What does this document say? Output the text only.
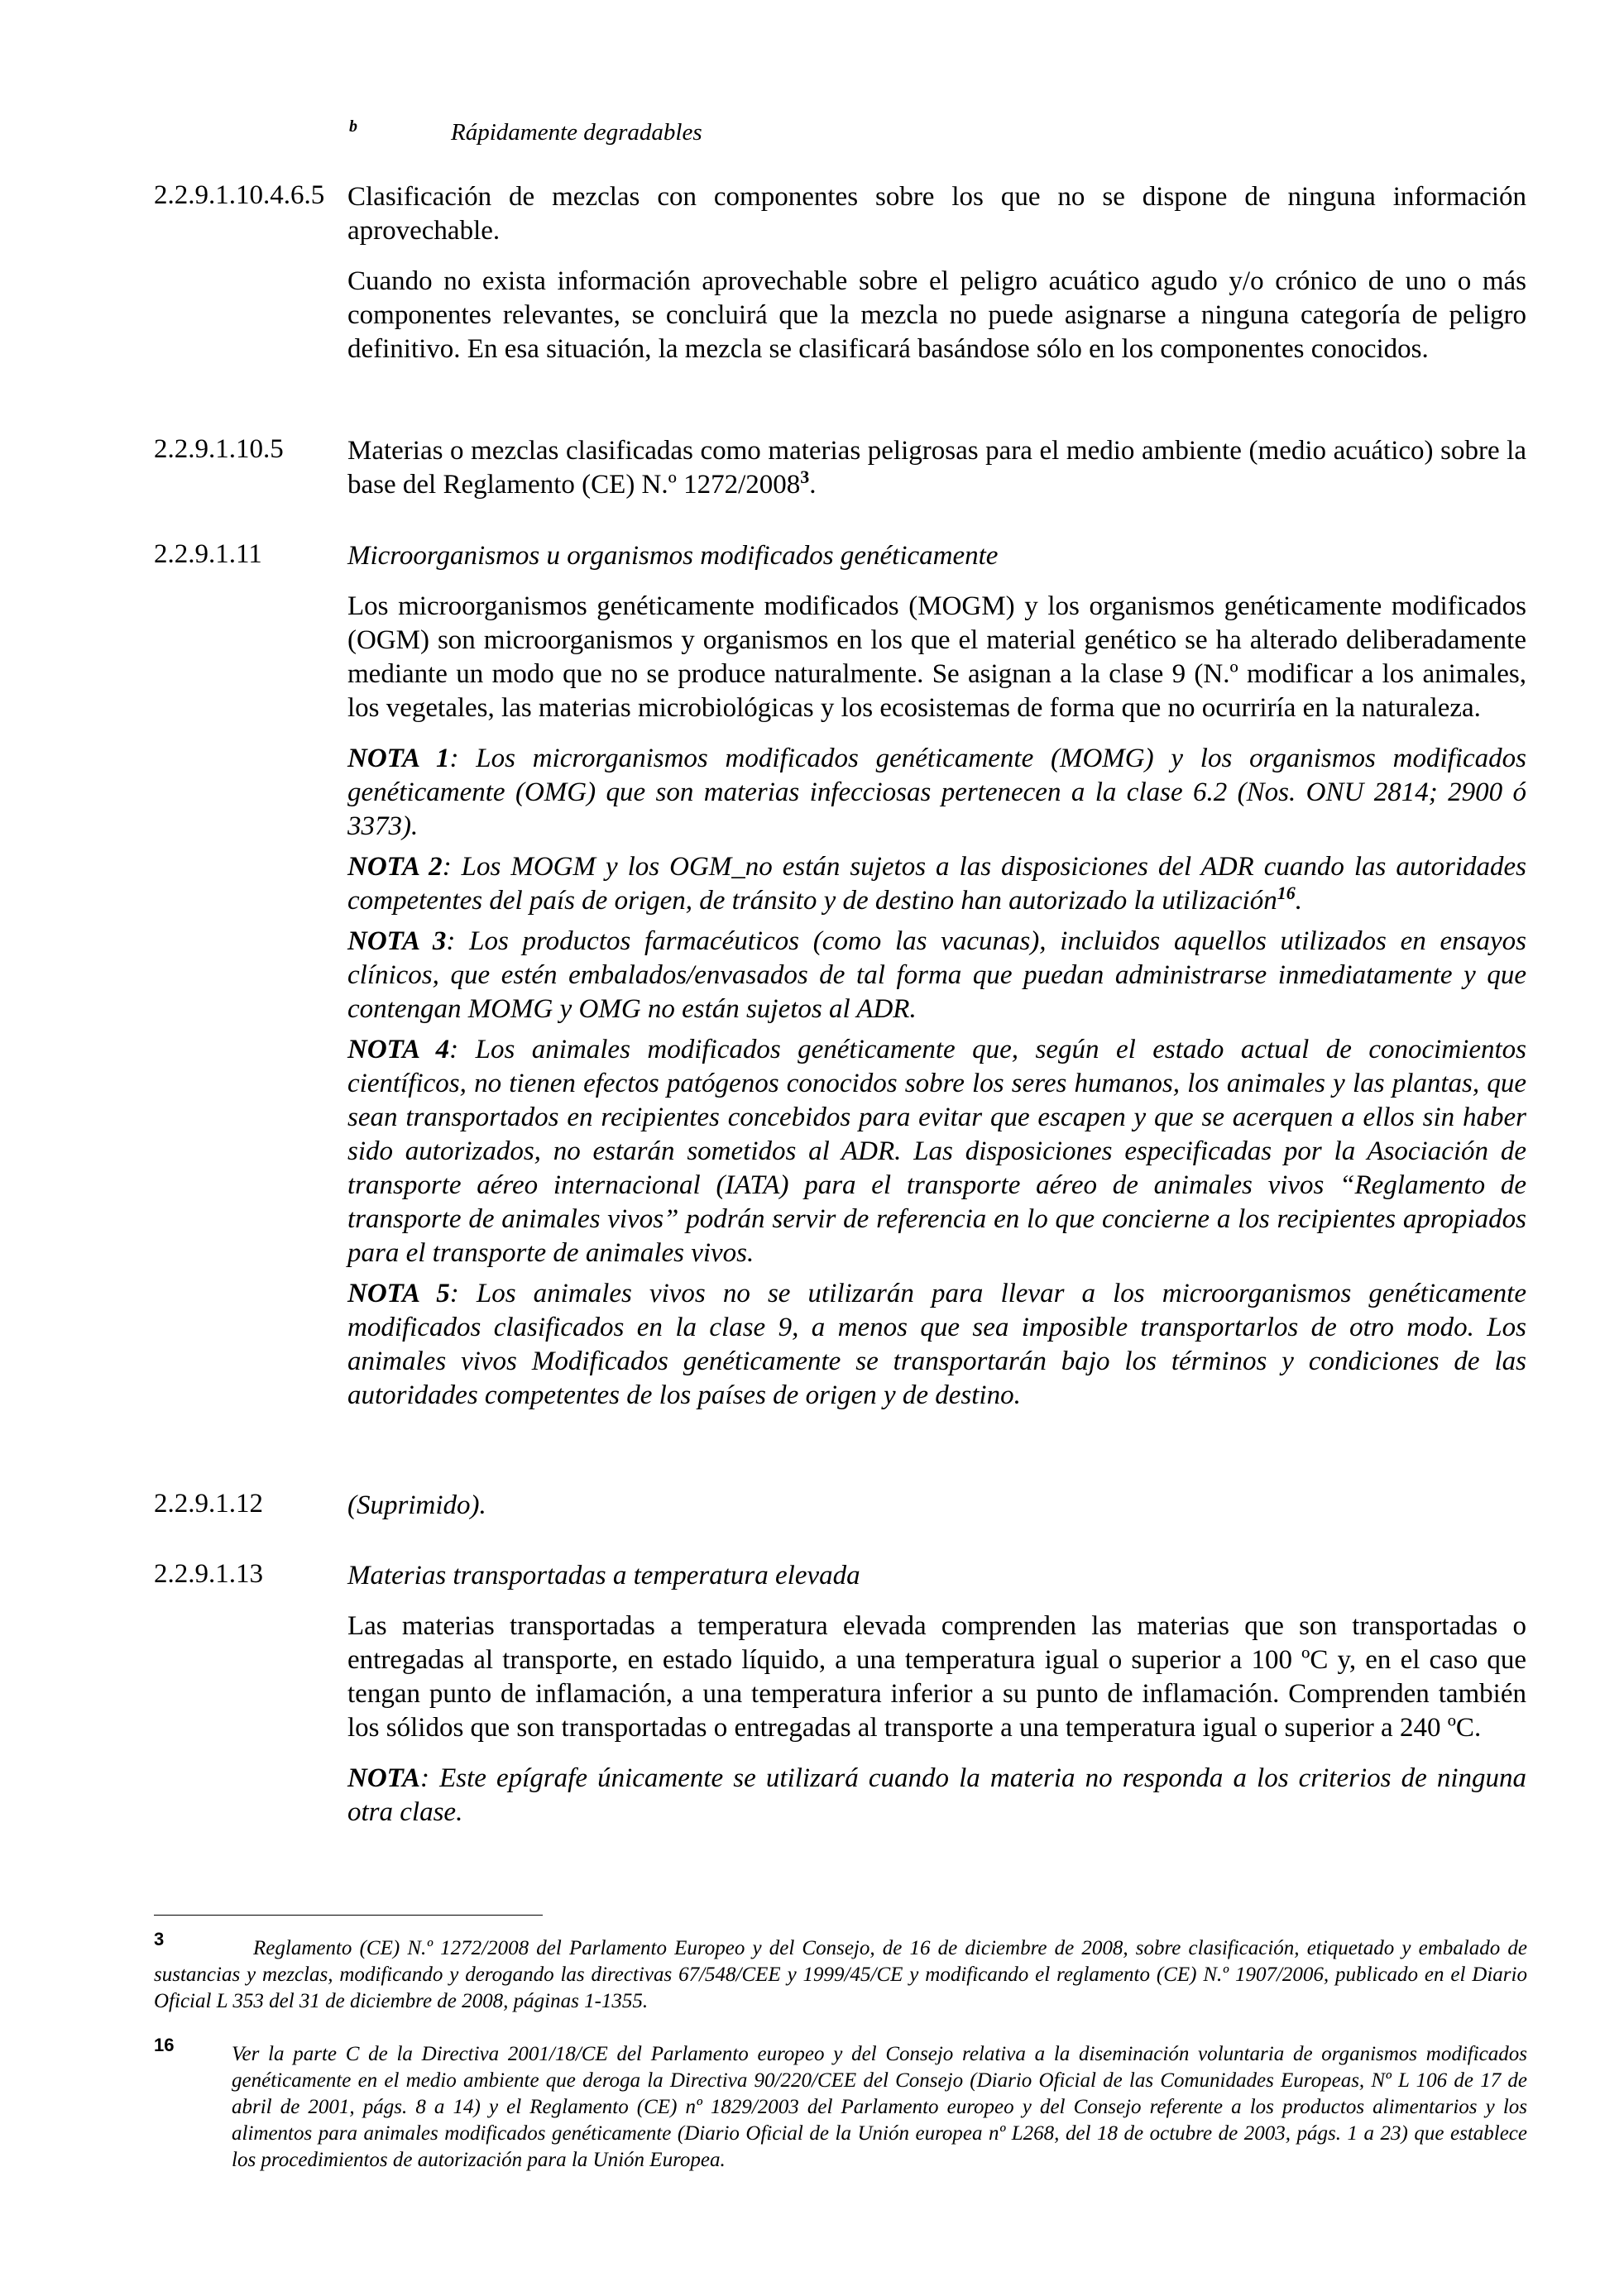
b	Rápidamente degradables
2.2.9.1.10.4.6.5 Clasificación de mezclas con componentes sobre los que no se dispone de ninguna información aprovechable.

Cuando no exista información aprovechable sobre el peligro acuático agudo y/o crónico de uno o más componentes relevantes, se concluirá que la mezcla no puede asignarse a ninguna categoría de peligro definitivo. En esa situación, la mezcla se clasificará basándose sólo en los componentes conocidos.

2.2.9.1.10.5 Materias o mezclas clasificadas como materias peligrosas para el medio ambiente (medio acuático) sobre la base del Reglamento (CE) N.º 1272/2008$^3$.

2.2.9.1.11	Microorganismos u organismos modificados genéticamente

Los microorganismos genéticamente modificados (MOGM) y los organismos genéticamente modificados (OGM) son microorganismos y organismos en los que el material genético se ha alterado deliberadamente mediante un modo que no se produce naturalmente. Se asignan a la clase 9 (N.º modificar a los animales, los vegetales, las materias microbiológicas y los ecosistemas de forma que no ocurriría en la naturaleza.

NOTA 1: Los microrganismos modificados genéticamente (MOMG) y los organismos modificados genéticamente (OMG) que son materias infecciosas pertenecen a la clase 6.2 (Nos. ONU 2814; 2900 ó 3373).

NOTA 2: Los MOGM y los OGM_no están sujetos a las disposiciones del ADR cuando las autoridades competentes del país de origen, de tránsito y de destino han autorizado la utilización$^{16}$.

NOTA 3: Los productos farmacéuticos (como las vacunas), incluidos aquellos utilizados en ensayos clínicos, que estén embalados/envasados de tal forma que puedan administrarse inmediatamente y que contengan MOMG y OMG no están sujetos al ADR.

NOTA 4: Los animales modificados genéticamente que, según el estado actual de conocimientos científicos, no tienen efectos patógenos conocidos sobre los seres humanos, los animales y las plantas, que sean transportados en recipientes concebidos para evitar que escapen y que se acerquen a ellos sin haber sido autorizados, no estarán sometidos al ADR. Las disposiciones especificadas por la Asociación de transporte aéreo internacional (IATA) para el transporte aéreo de animales vivos “Reglamento de transporte de animales vivos” podrán servir de referencia en lo que concierne a los recipientes apropiados para el transporte de animales vivos.

NOTA 5: Los animales vivos no se utilizarán para llevar a los microorganismos genéticamente modificados clasificados en la clase 9, a menos que sea imposible transportarlos de otro modo. Los animales vivos Modificados genéticamente se transportarán bajo los términos y condiciones de las autoridades competentes de los países de origen y de destino.

2.2.9.1.12	(Suprimido).

2.2.9.1.13	Materias transportadas a temperatura elevada

Las materias transportadas a temperatura elevada comprenden las materias que son transportadas o entregadas al transporte, en estado líquido, a una temperatura igual o superior a 100 ºC y, en el caso que tengan punto de inflamación, a una temperatura inferior a su punto de inflamación. Comprenden también los sólidos que son transportadas o entregadas al transporte a una temperatura igual o superior a 240 ºC.

NOTA: Este epígrafe únicamente se utilizará cuando la materia no responda a los criterios de ninguna otra clase.

3	Reglamento (CE) N.º 1272/2008 del Parlamento Europeo y del Consejo, de 16 de diciembre de 2008, sobre clasificación, etiquetado y embalado de sustancias y mezclas, modificando y derogando las directivas 67/548/CEE y 1999/45/CE y modificando el reglamento (CE) N.º 1907/2006, publicado en el Diario Oficial L 353 del 31 de diciembre de 2008, páginas 1-1355.
16	Ver la parte C de la Directiva 2001/18/CE del Parlamento europeo y del Consejo relativa a la diseminación voluntaria de organismos modificados genéticamente en el medio ambiente que deroga la Directiva 90/220/CEE del Consejo (Diario Oficial de las Comunidades Europeas, Nº L 106 de 17 de abril de 2001, págs. 8 a 14) y el Reglamento (CE) nº 1829/2003 del Parlamento europeo y del Consejo referente a los productos alimentarios y los alimentos para animales modificados genéticamente (Diario Oficial de la Unión europea nº L268, del 18 de octubre de 2003, págs. 1 a 23) que establece los procedimientos de autorización para la Unión Europea.
